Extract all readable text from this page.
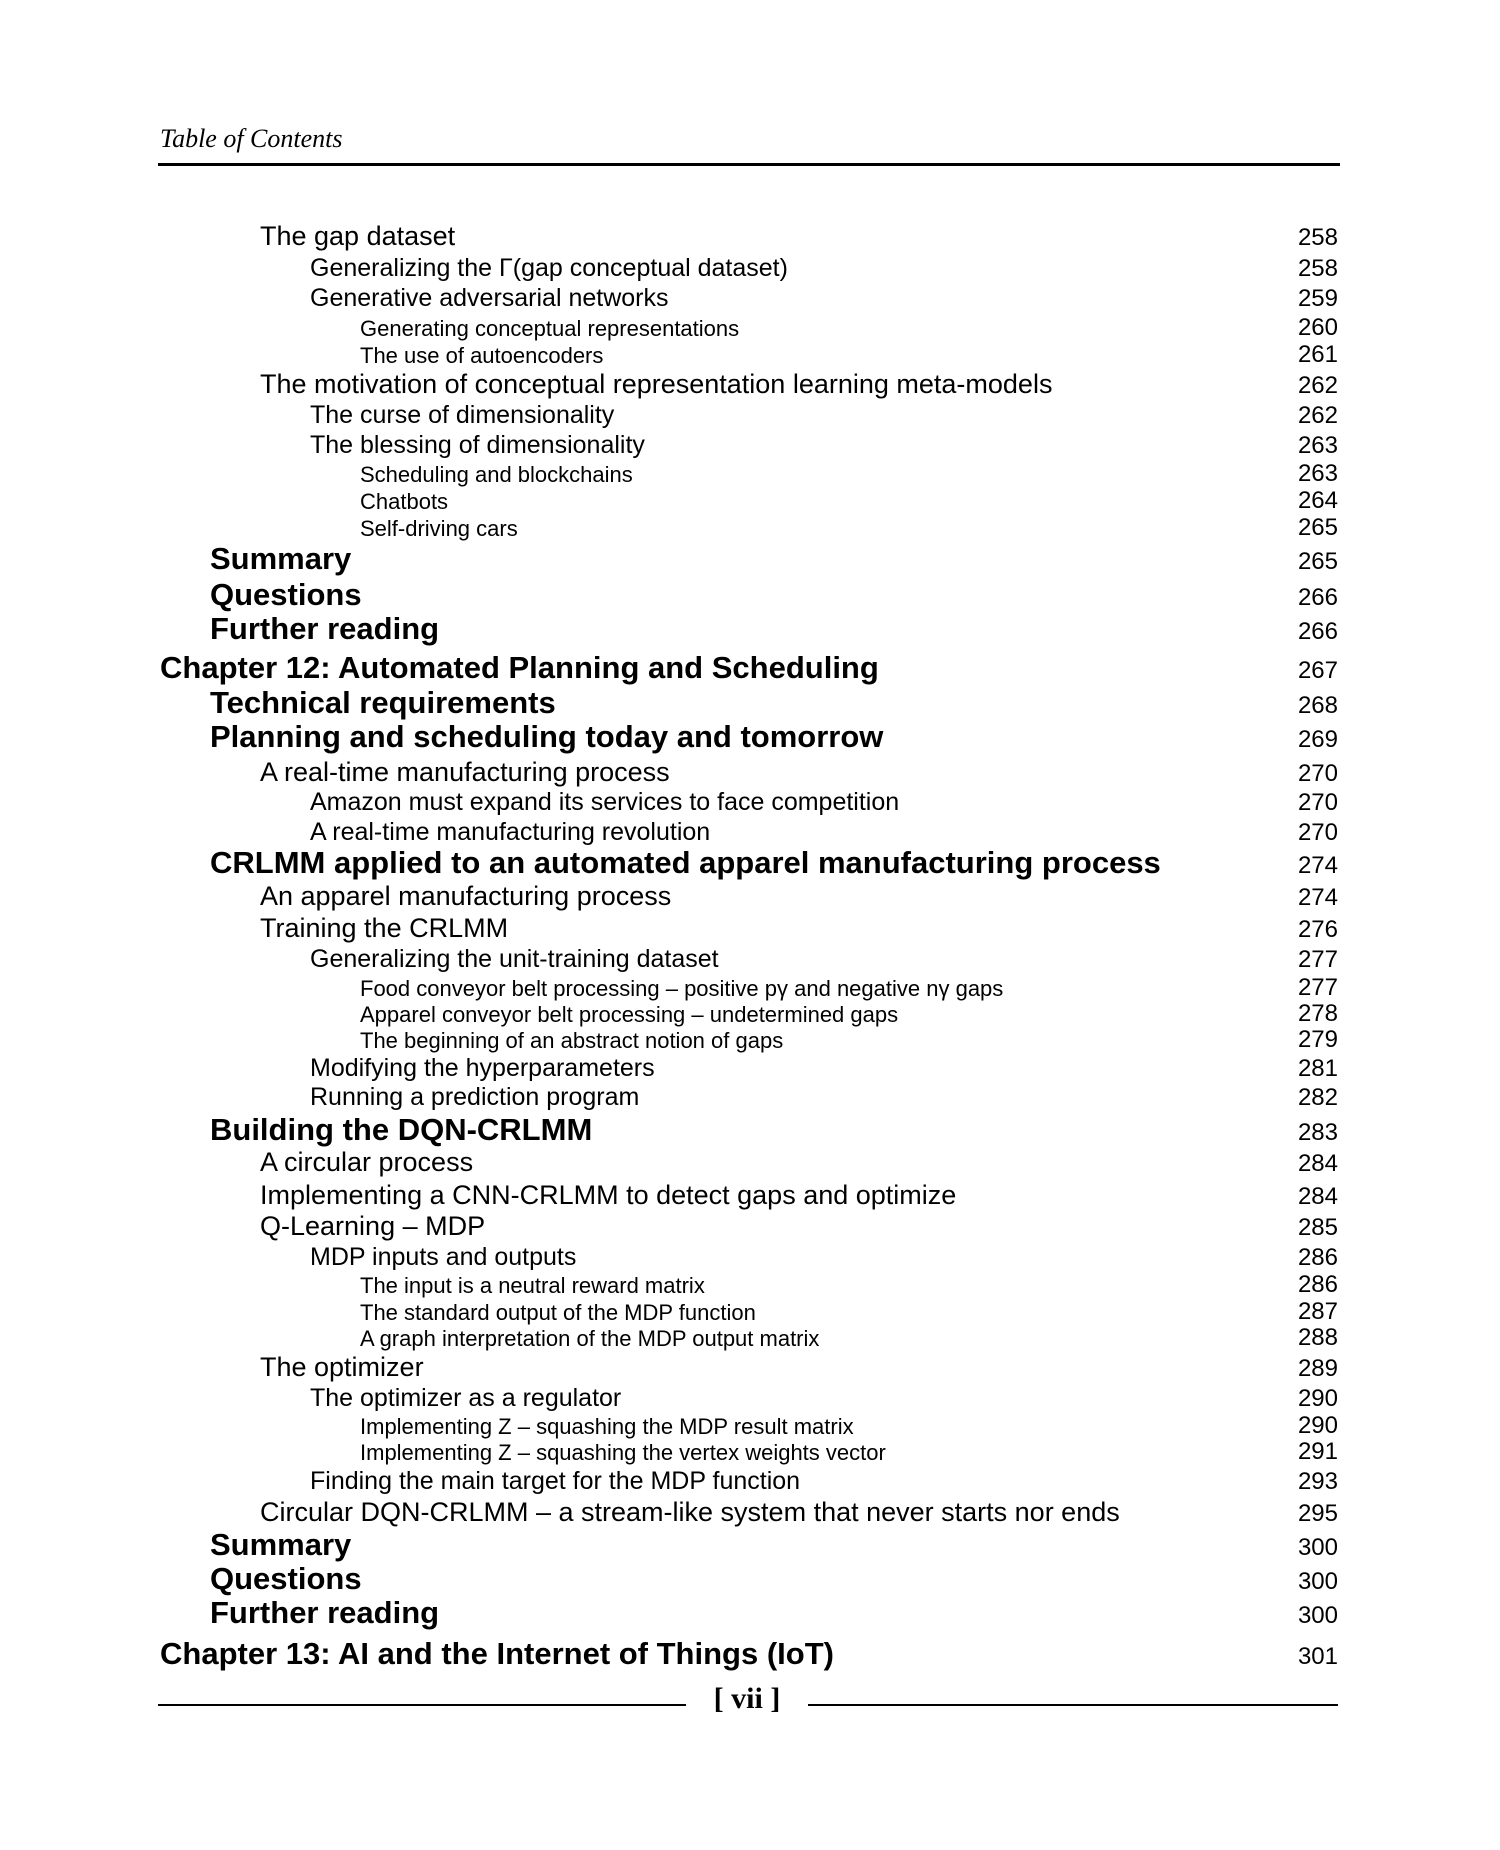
Table of Contents
The gap dataset	258
Generalizing the Γ(gap conceptual dataset)	258
Generative adversarial networks	259
Generating conceptual representations	260
The use of autoencoders	261
The motivation of conceptual representation learning meta-models	262
The curse of dimensionality	262
The blessing of dimensionality	263
Scheduling and blockchains	263
Chatbots	264
Self-driving cars	265
Summary	265
Questions	266
Further reading	266
Chapter 12: Automated Planning and Scheduling	267
Technical requirements	268
Planning and scheduling today and tomorrow	269
A real-time manufacturing process	270
Amazon must expand its services to face competition	270
A real-time manufacturing revolution	270
CRLMM applied to an automated apparel manufacturing process	274
An apparel manufacturing process	274
Training the CRLMM	276
Generalizing the unit-training dataset	277
Food conveyor belt processing – positive pγ and negative nγ gaps	277
Apparel conveyor belt processing – undetermined gaps	278
The beginning of an abstract notion of gaps	279
Modifying the hyperparameters	281
Running a prediction program	282
Building the DQN-CRLMM	283
A circular process	284
Implementing a CNN-CRLMM to detect gaps and optimize	284
Q-Learning – MDP	285
MDP inputs and outputs	286
The input is a neutral reward matrix	286
The standard output of the MDP function	287
A graph interpretation of the MDP output matrix	288
The optimizer	289
The optimizer as a regulator	290
Implementing Z – squashing the MDP result matrix	290
Implementing Z – squashing the vertex weights vector	291
Finding the main target for the MDP function	293
Circular DQN-CRLMM – a stream-like system that never starts nor ends	295
Summary	300
Questions	300
Further reading	300
Chapter 13: AI and the Internet of Things (IoT)	301
[ vii ]
